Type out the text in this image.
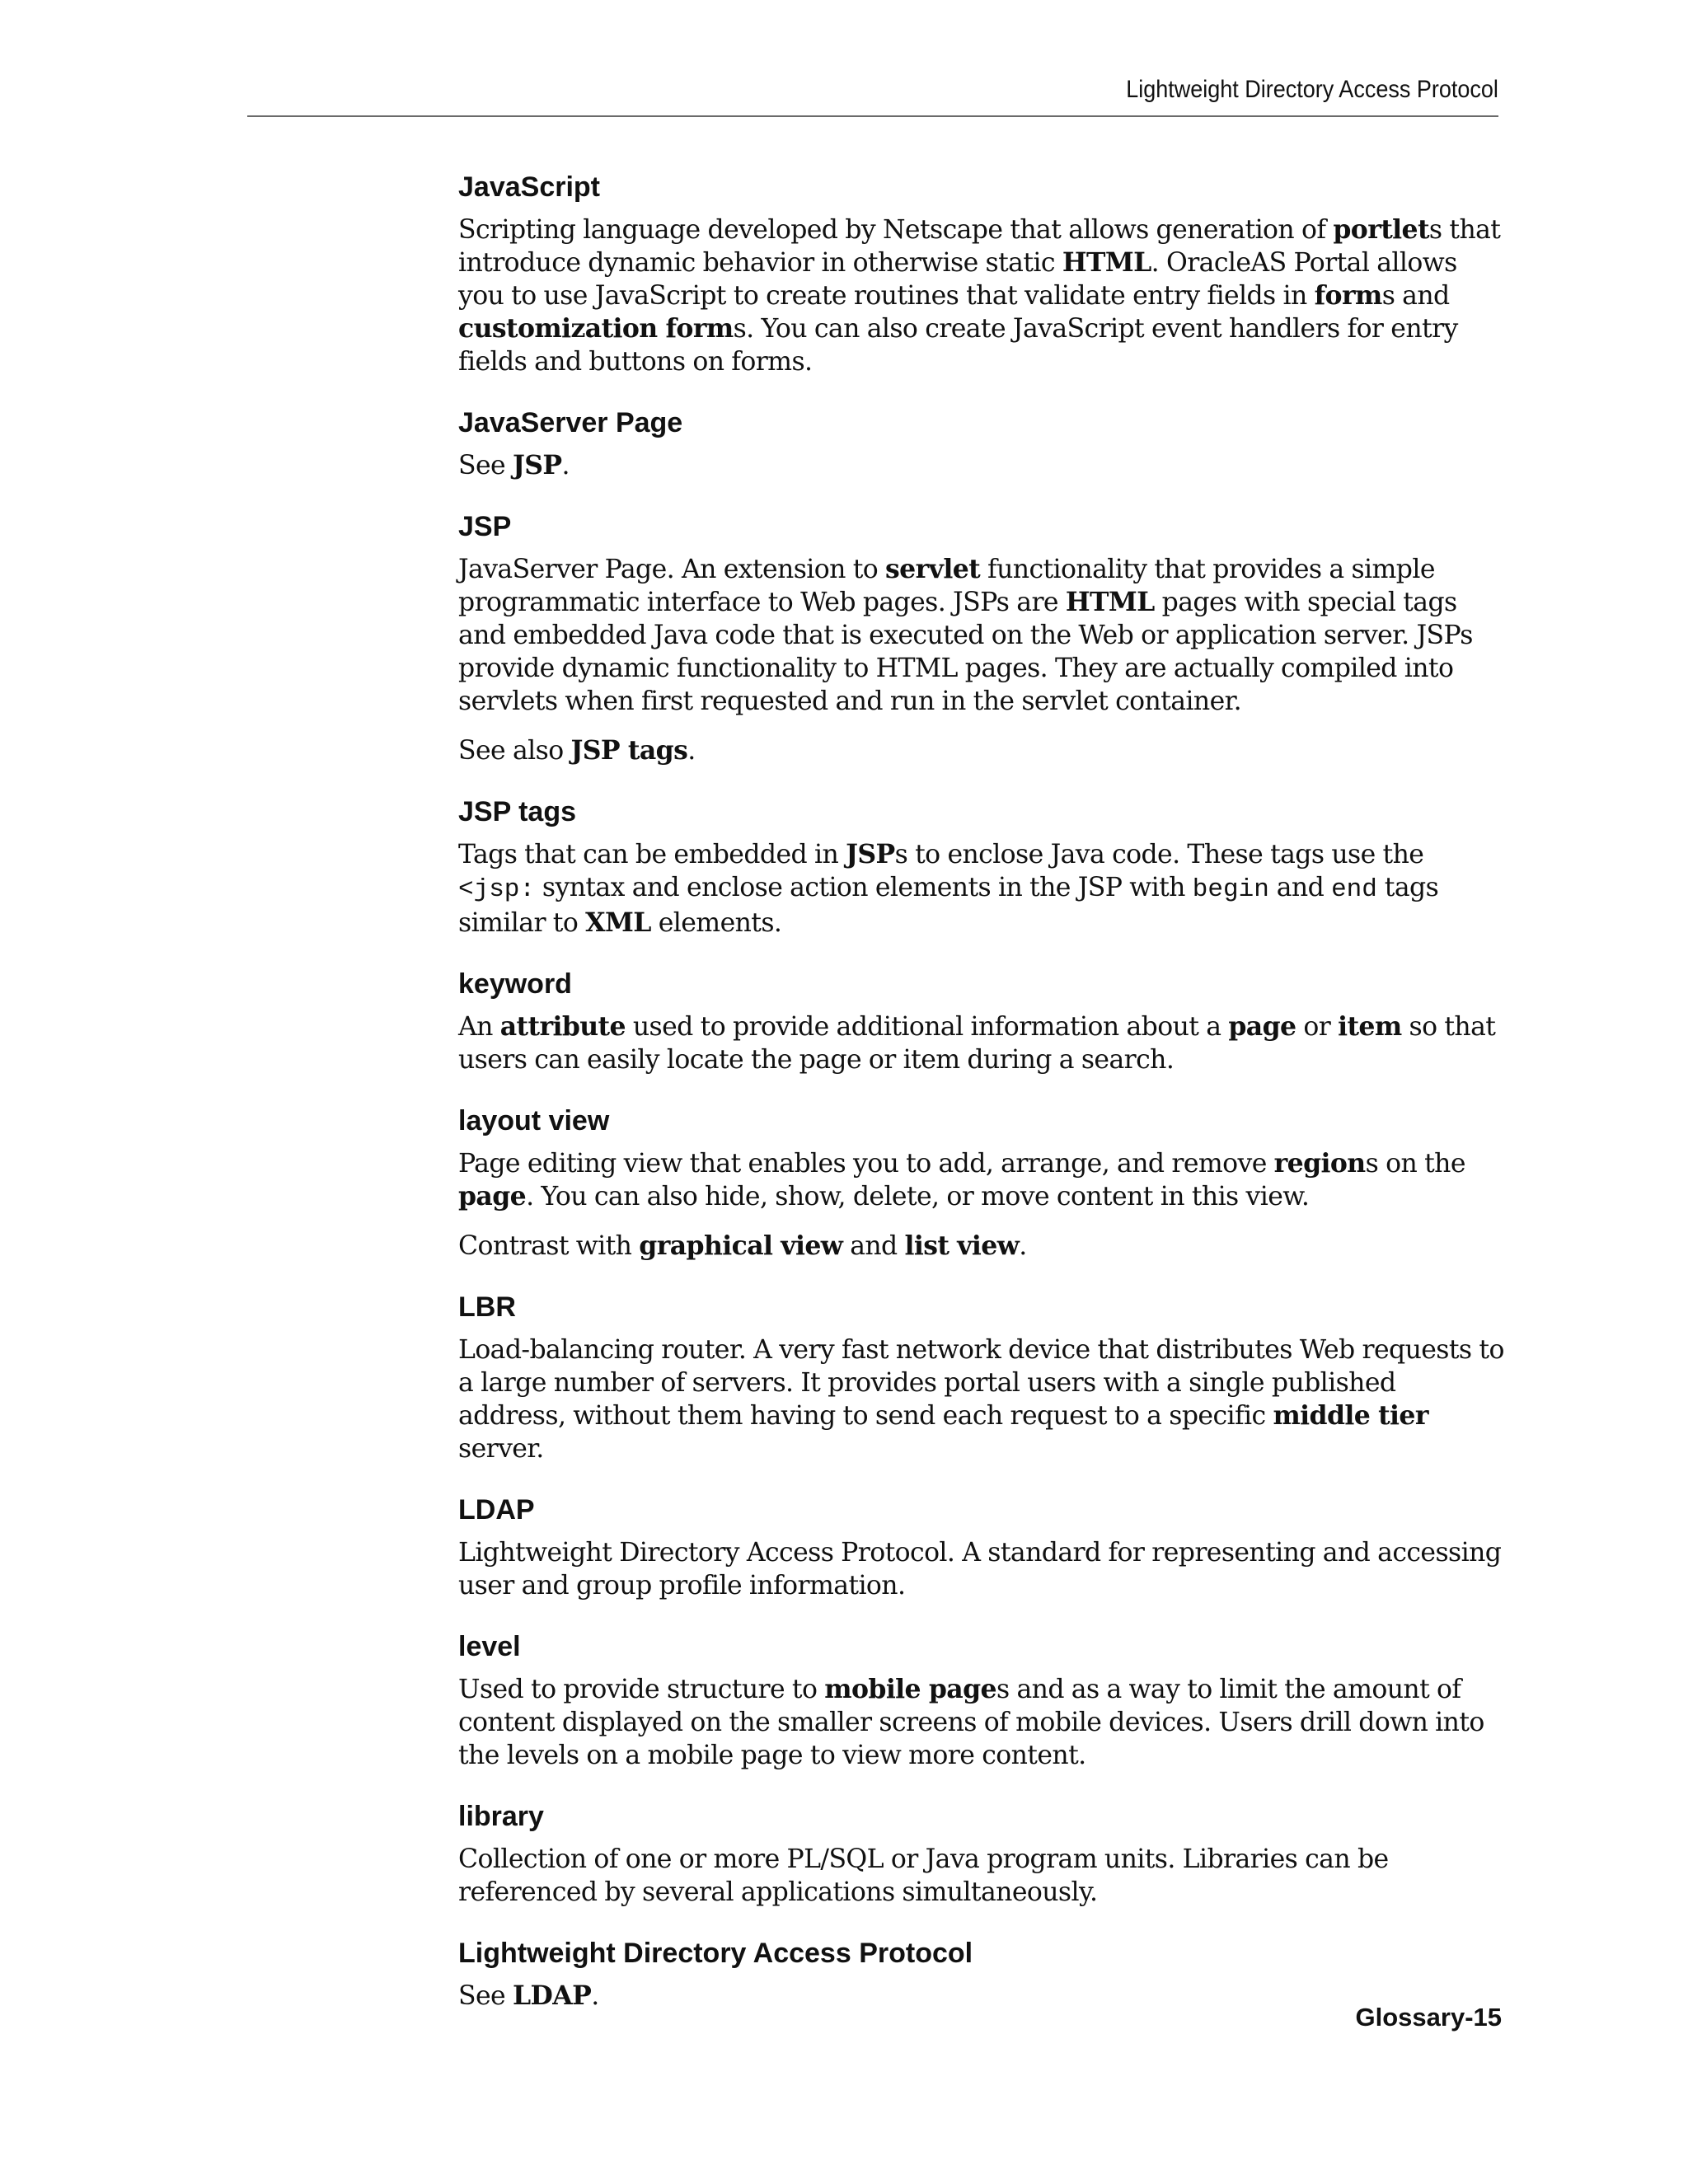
Lightweight Directory Access Protocol
JavaScript

Scripting language developed by Netscape that allows generation of portlets that introduce dynamic behavior in otherwise static HTML. OracleAS Portal allows you to use JavaScript to create routines that validate entry fields in forms and customization forms. You can also create JavaScript event handlers for entry fields and buttons on forms.

JavaServer Page

See JSP.

JSP

JavaServer Page. An extension to servlet functionality that provides a simple programmatic interface to Web pages. JSPs are HTML pages with special tags and embedded Java code that is executed on the Web or application server. JSPs provide dynamic functionality to HTML pages. They are actually compiled into servlets when first requested and run in the servlet container.

See also JSP tags.

JSP tags

Tags that can be embedded in JSPs to enclose Java code. These tags use the <jsp: syntax and enclose action elements in the JSP with begin and end tags similar to XML elements.

keyword

An attribute used to provide additional information about a page or item so that users can easily locate the page or item during a search.

layout view

Page editing view that enables you to add, arrange, and remove regions on the page. You can also hide, show, delete, or move content in this view.

Contrast with graphical view and list view.

LBR

Load-balancing router. A very fast network device that distributes Web requests to a large number of servers. It provides portal users with a single published address, without them having to send each request to a specific middle tier server.

LDAP

Lightweight Directory Access Protocol. A standard for representing and accessing user and group profile information.

level

Used to provide structure to mobile pages and as a way to limit the amount of content displayed on the smaller screens of mobile devices. Users drill down into the levels on a mobile page to view more content.

library

Collection of one or more PL/SQL or Java program units. Libraries can be referenced by several applications simultaneously.

Lightweight Directory Access Protocol

See LDAP.

Glossary-15
